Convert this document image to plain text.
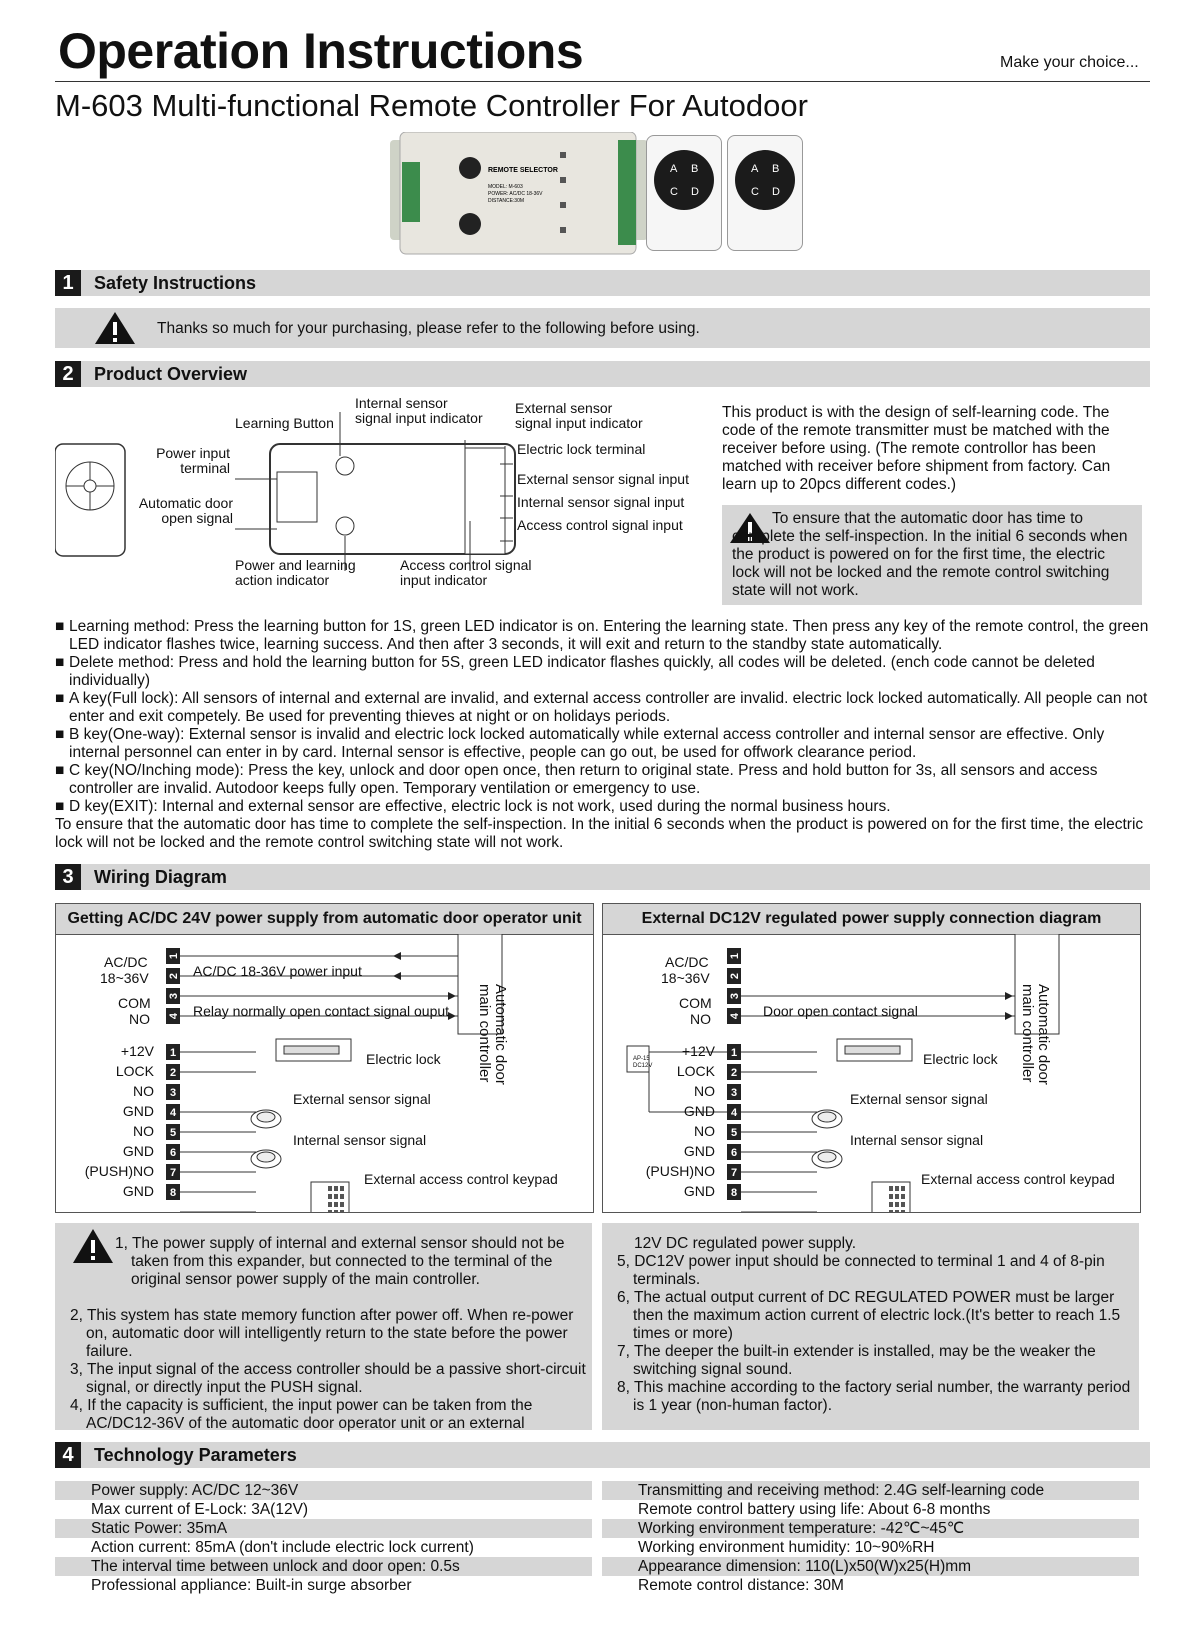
Operation Instructions	Make your choice...
M-603 Multi-functional Remote Controller For Autodoor
REMOTE SELECTOR
MODEL: M-603
POWER: AC/DC 18-36V
DISTANCE:30M
A B
C D
A B
C D
1	Safety Instructions
Thanks so much for your purchasing, please refer to the following before using.
2	Product Overview
Learning Button
Internal sensor
signal input indicator
External sensor
signal input indicator
Power input
terminal
Automatic door
open signal
Electric lock terminal
External sensor signal input
Internal sensor signal input
Access control signal input
Power and learning
action indicator
Access control signal
input indicator
This product is with the design of self-learning code. The code of the remote transmitter must be matched with the receiver before using. (The remote controllor has been matched with receiver before shipment from factory. Can learn up to 20pcs different codes.)
To ensure that the automatic door has time to complete the self-inspection. In the initial 6 seconds when the product is powered on for the first time, the electric lock will not be locked and the remote control switching state will not work.
■ Learning method: Press the learning button for 1S, green LED indicator is on. Entering the learning state. Then press any key of the remote control, the green LED indicator flashes twice, learning success. And then after 3 seconds, it will exit and return to the standby state automatically.
■ Delete method: Press and hold the learning button for 5S, green LED indicator flashes quickly, all codes will be deleted. (ench code cannot be deleted individually)
■ A key(Full lock): All sensors of internal and external are invalid, and external access controller are invalid. electric lock locked automatically. All people can not enter and exit competely. Be used for preventing thieves at night or on holidays periods.
■ B key(One-way): External sensor is invalid and electric lock locked automatically while external access controller and internal sensor are effective. Only internal personnel can enter in by card. Internal sensor is effective, people can go out, be used for offwork clearance period.
■ C key(NO/Inching mode): Press the key, unlock and door open once, then return to original state. Press and hold button for 3s, all sensors and access controller are invalid. Autodoor keeps fully open. Temporary ventilation or emergency to use.
■ D key(EXIT): Internal and external sensor are effective, electric lock is not work, used during the normal business hours.
To ensure that the automatic door has time to complete the self-inspection. In the initial 6 seconds when the product is powered on for the first time, the electric lock will not be locked and the remote control switching state will not work.
3	Wiring Diagram
Getting AC/DC 24V power supply from automatic door operator unit
1
2
3
4
1
2
3
4
5
6
7
8
AC/DC
18~36V
COM
NO
AC/DC 18-36V power input
Relay normally open contact signal ouput	Automatic door
main controller
+12V
LOCK
NO
GND
NO
GND
(PUSH)NO
GND
Electric lock
External sensor signal
Internal sensor signal
External access control keypad
External DC12V regulated power supply connection diagram
1
2
3
4
1
2
3
4
5
6
7
8
AC/DC
18~36V
COM
NO	Door open contact signal	Automatic door
main controller
AP-15
DC12V
+12V
LOCK
NO
GND
NO
GND
(PUSH)NO
GND
Electric lock
External sensor signal
Internal sensor signal
External access control keypad
1, The power supply of internal and external sensor should not be taken from this expander, but connected to the terminal of the original sensor power supply of the main controller.
2, This system has state memory function after power off. When re-power on, automatic door will intelligently return to the state before the power failure.
3, The input signal of the access controller should be a passive short-circuit signal, or directly input the PUSH signal.
4, If the capacity is sufficient, the input power can be taken from the AC/DC12-36V of the automatic door operator unit or an external
12V DC regulated power supply.
5, DC12V power input should be connected to terminal 1 and 4 of 8-pin terminals.
6, The actual output current of DC REGULATED POWER must be larger then the maximum action current of electric lock.(It's better to reach 1.5 times or more)
7, The deeper the built-in extender is installed, may be the weaker the switching signal sound.
8, This machine according to the factory serial number, the warranty period is 1 year (non-human factor).
4	Technology Parameters
Power supply: AC/DC 12~36V
Max current of E-Lock: 3A(12V)
Static Power: 35mA
Action current: 85mA (don't include electric lock current)
The interval time between unlock and door open: 0.5s
Professional appliance: Built-in surge absorber
Transmitting and receiving method: 2.4G self-learning code
Remote control battery using life: About 6-8 months
Working environment temperature: -42℃~45℃
Working environment humidity: 10~90%RH
Appearance dimension: 110(L)x50(W)x25(H)mm
Remote control distance: 30M
